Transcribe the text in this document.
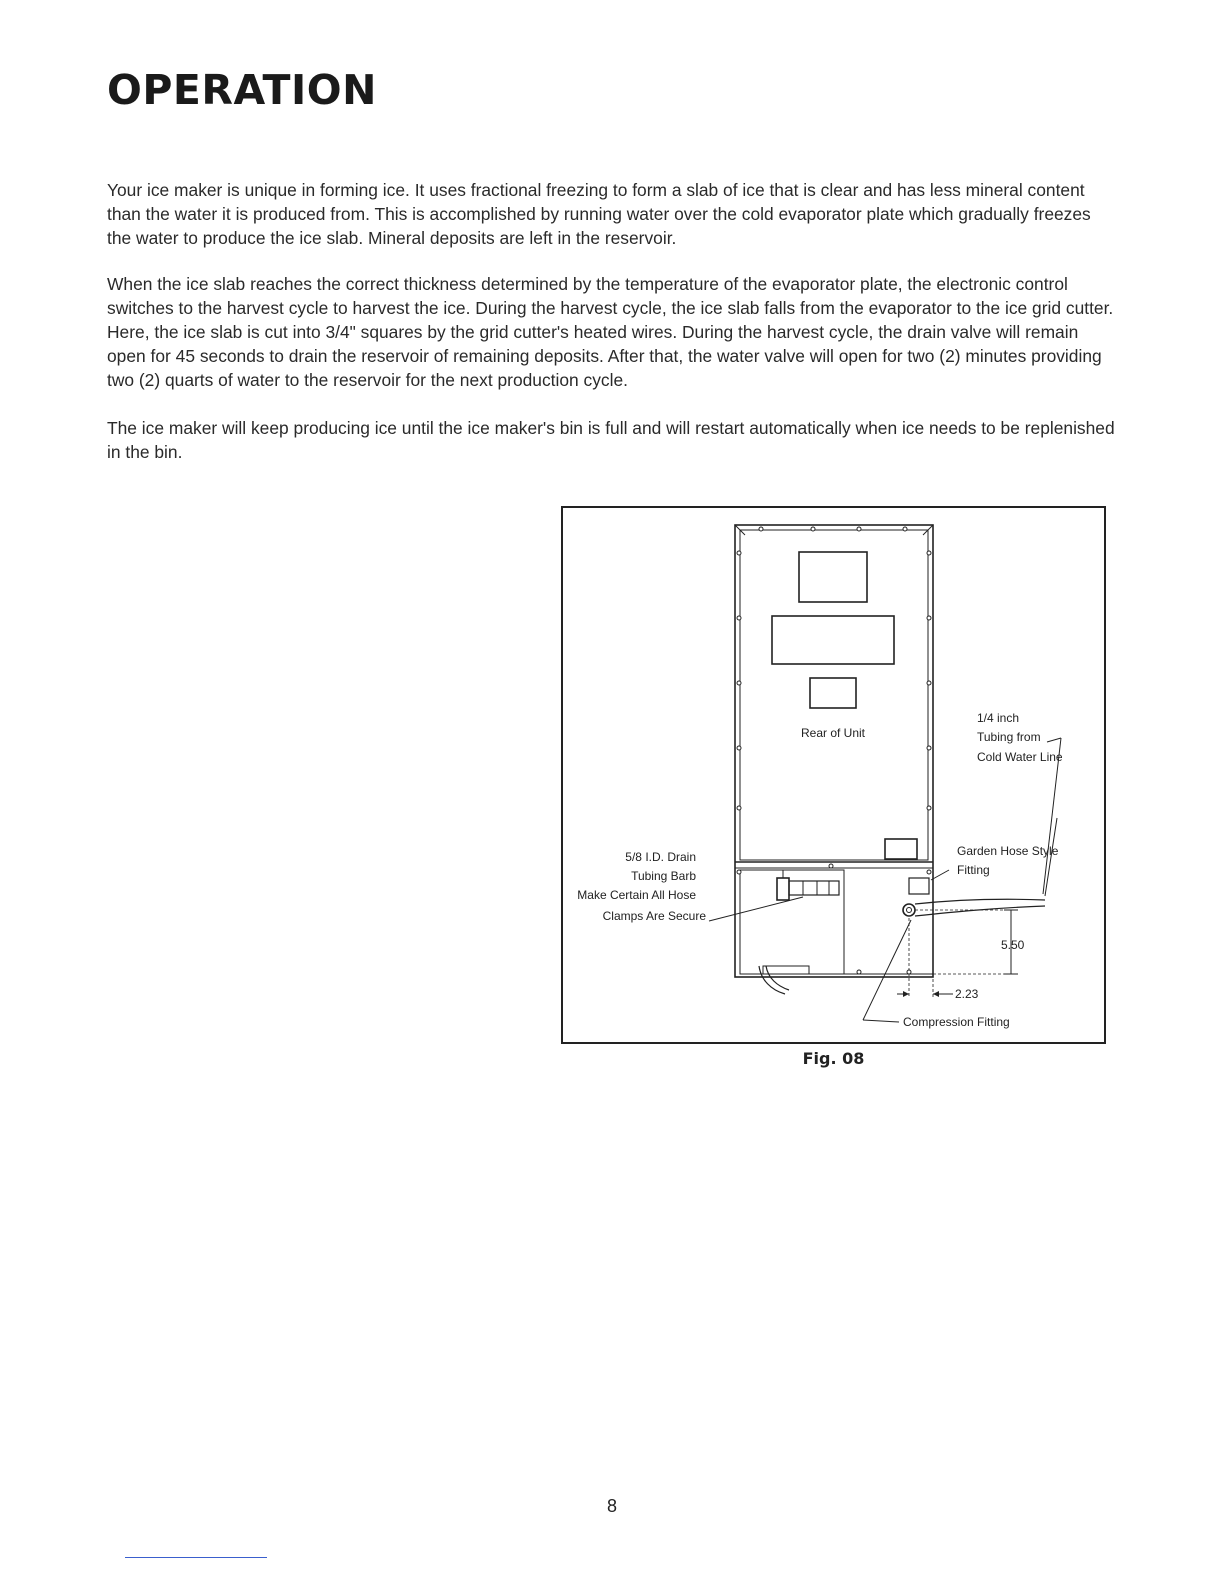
OPERATION

Your ice maker is unique in forming ice. It uses fractional freezing to form a slab of ice that is clear and has less mineral content than the water it is produced from. This is accomplished by running water over the cold evaporator plate which gradually freezes the water to produce the ice slab. Mineral deposits are left in the reservoir.

When the ice slab reaches the correct thickness determined by the temperature of the evaporator plate, the electronic control switches to the harvest cycle to harvest the ice. During the harvest cycle, the ice slab falls from the evaporator to the ice grid cutter. Here, the ice slab is cut into 3/4" squares by the grid cutter's heated wires. During the harvest cycle, the drain valve will remain open for 45 seconds to drain the reservoir of remaining deposits. After that, the water valve will open for two (2) minutes providing two (2) quarts of water to the reservoir for the next production cycle.

The ice maker will keep producing ice until the ice maker's bin is full and will restart automatically when ice needs to be replenished in the bin.

Rear of Unit
1/4 inch
Tubing from
Cold Water Line
Garden Hose Style
Fitting
5/8 I.D. Drain
Tubing Barb
Make Certain All Hose
Clamps Are Secure
5.50
2.23
Compression Fitting
Fig. 08
8
